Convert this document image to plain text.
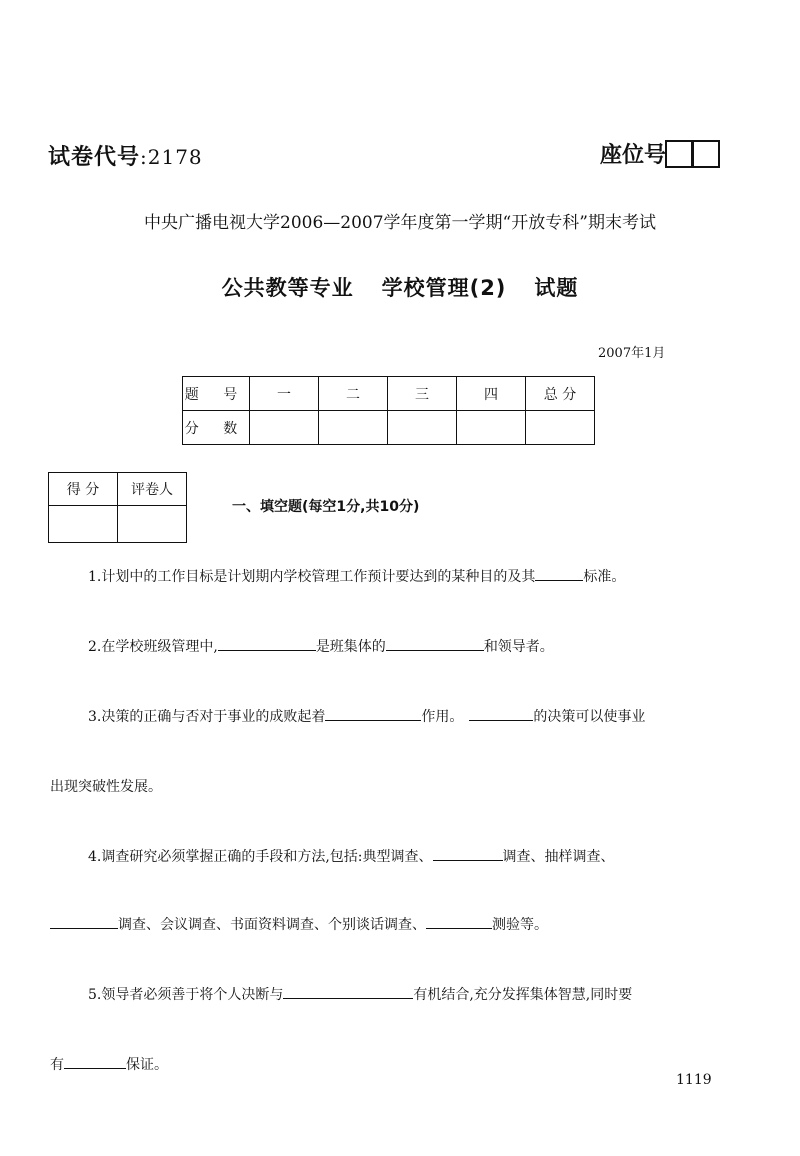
试卷代号:2178	座位号
中央广播电视大学2006—2007学年度第一学期“开放专科”期末考试
公共教等专业 学校管理(2) 试题
2007年1月
题 号	一	二	三	四	总 分
分 数					
得 分	评卷人

一、填空题(每空1分,共10分)
1.计划中的工作目标是计划期内学校管理工作预计要达到的某种目的及其	标准。
2.在学校班级管理中,	是班集体的	和领导者。
3.决策的正确与否对于事业的成败起着	作用。	的决策可以使事业
出现突破性发展。
4.调查研究必须掌握正确的手段和方法,包括:典型调查、	调查、抽样调查、
调查、会议调查、书面资料调查、个别谈话调查、	测验等。
5.领导者必须善于将个人决断与	有机结合,充分发挥集体智慧,同时要
有	保证。
1119
